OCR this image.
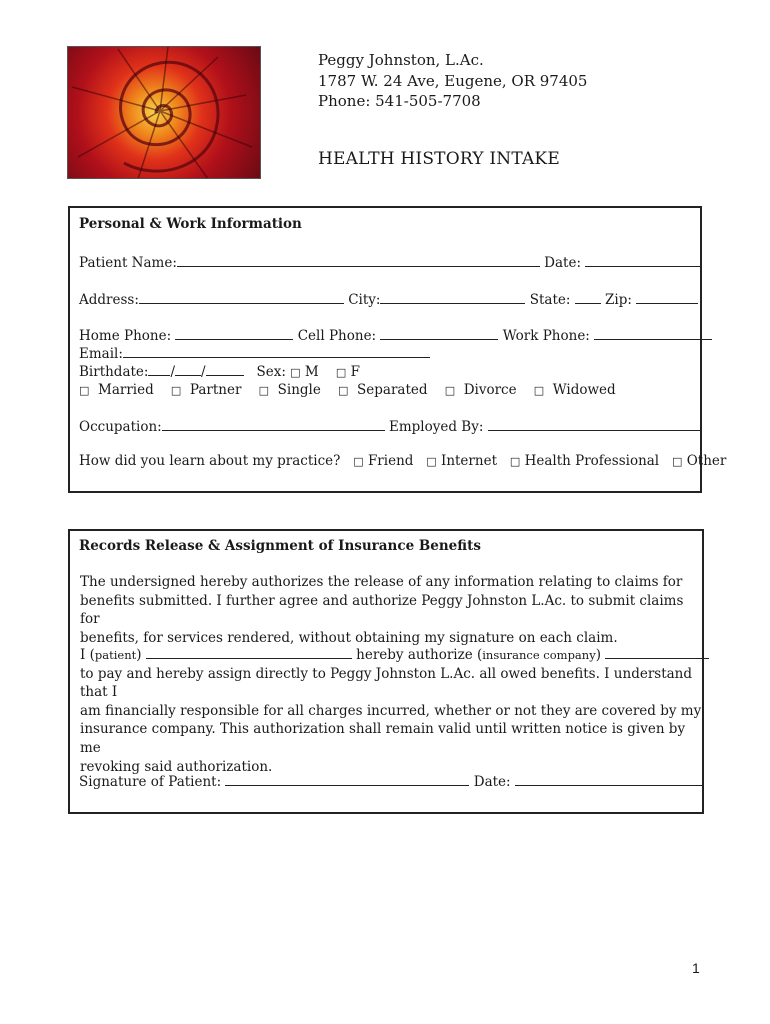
Peggy Johnston, L.Ac.
1787 W. 24 Ave, Eugene, OR 97405
Phone: 541-505-7708
HEALTH HISTORY INTAKE
Personal & Work Information
Patient Name:	Date:
Address:	City:	State:	Zip:
Home Phone:	Cell Phone:	Work Phone:
Email:
Birthdate: / /	Sex: □ M □ F
□ Married □ Partner □ Single □ Separated □ Divorce □ Widowed
Occupation:	Employed By:
How did you learn about my practice? □ Friend □ Internet □ Health Professional □ Other
Records Release & Assignment of Insurance Benefits
The undersigned hereby authorizes the release of any information relating to claims for
benefits submitted. I further agree and authorize Peggy Johnston L.Ac. to submit claims for
benefits, for services rendered, without obtaining my signature on each claim.
I (patient)	hereby authorize (insurance company)
to pay and hereby assign directly to Peggy Johnston L.Ac. all owed benefits. I understand that I
am financially responsible for all charges incurred, whether or not they are covered by my
insurance company. This authorization shall remain valid until written notice is given by me
revoking said authorization.
Signature of Patient:	Date:
1
